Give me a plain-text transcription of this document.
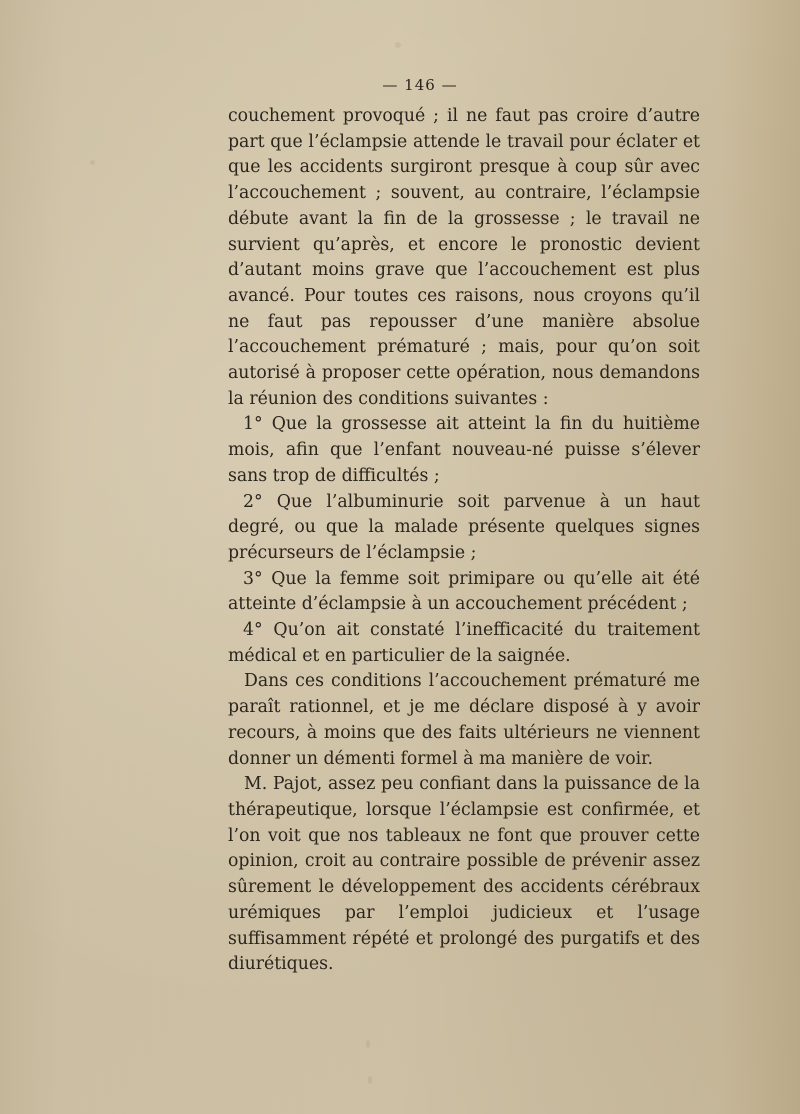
— 146 —

couchement provoqué ; il ne faut pas croire d’autre part que l’éclampsie attende le travail pour éclater et que les accidents surgiront presque à coup sûr avec l’accouchement ; souvent, au contraire, l’éclampsie débute avant la fin de la grossesse ; le travail ne survient qu’après, et encore le pronostic devient d’autant moins grave que l’accouchement est plus avancé. Pour toutes ces raisons, nous croyons qu’il ne faut pas repousser d’une manière absolue l’accouchement prématuré ; mais, pour qu’on soit autorisé à proposer cette opération, nous demandons la réunion des conditions suivantes :

1° Que la grossesse ait atteint la fin du huitième mois, afin que l’enfant nouveau-né puisse s’élever sans trop de difficultés ;

2° Que l’albuminurie soit parvenue à un haut degré, ou que la malade présente quelques signes précurseurs de l’éclampsie ;

3° Que la femme soit primipare ou qu’elle ait été atteinte d’éclampsie à un accouchement précédent ;

4° Qu’on ait constaté l’inefficacité du traitement médical et en particulier de la saignée.

Dans ces conditions l’accouchement prématuré me paraît rationnel, et je me déclare disposé à y avoir recours, à moins que des faits ultérieurs ne viennent donner un démenti formel à ma manière de voir.

M. Pajot, assez peu confiant dans la puissance de la thérapeutique, lorsque l’éclampsie est confirmée, et l’on voit que nos tableaux ne font que prouver cette opinion, croit au contraire possible de prévenir assez sûrement le développement des accidents cérébraux urémiques par l’emploi judicieux et l’usage suffisamment répété et prolongé des purgatifs et des diurétiques.
